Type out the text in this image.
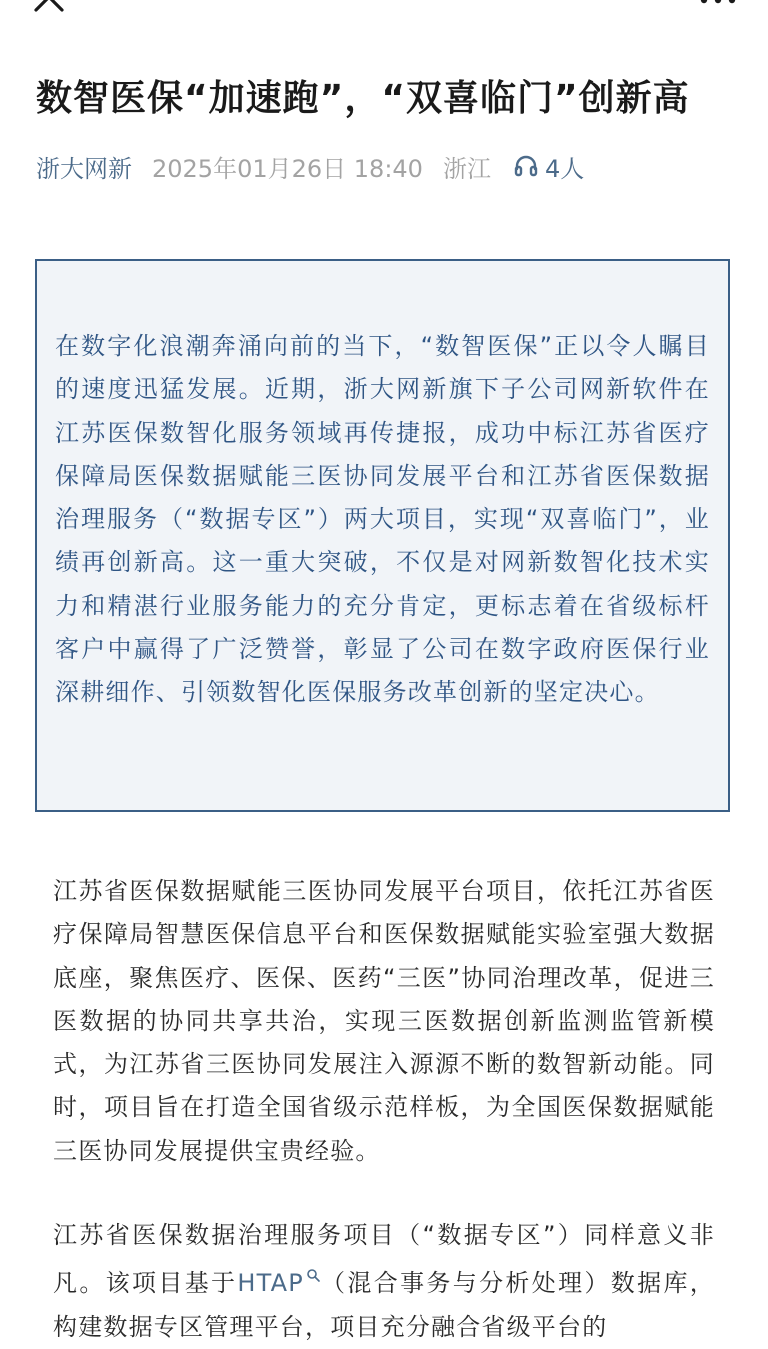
数智医保“加速跑”，“双喜临门”创新高
浙大网新 2025年01月26日 18:40 浙江 4人

在数字化浪潮奔涌向前的当下，“数智医保”正以令人瞩目的速度迅猛发展。近期，浙大网新旗下子公司网新软件在江苏医保数智化服务领域再传捷报，成功中标江苏省医疗保障局医保数据赋能三医协同发展平台和江苏省医保数据治理服务（“数据专区”）两大项目，实现“双喜临门”，业绩再创新高。这一重大突破，不仅是对网新数智化技术实力和精湛行业服务能力的充分肯定，更标志着在省级标杆客户中赢得了广泛赞誉，彰显了公司在数字政府医保行业深耕细作、引领数智化医保服务改革创新的坚定决心。

江苏省医保数据赋能三医协同发展平台项目，依托江苏省医疗保障局智慧医保信息平台和医保数据赋能实验室强大数据底座，聚焦医疗、医保、医药“三医”协同治理改革，促进三医数据的协同共享共治，实现三医数据创新监测监管新模式，为江苏省三医协同发展注入源源不断的数智新动能。同时，项目旨在打造全国省级示范样板，为全国医保数据赋能三医协同发展提供宝贵经验。

江苏省医保数据治理服务项目（“数据专区”）同样意义非凡。该项目基于HTAP （混合事务与分析处理）数据库，构建数据专区管理平台，项目充分融合省级平台的
